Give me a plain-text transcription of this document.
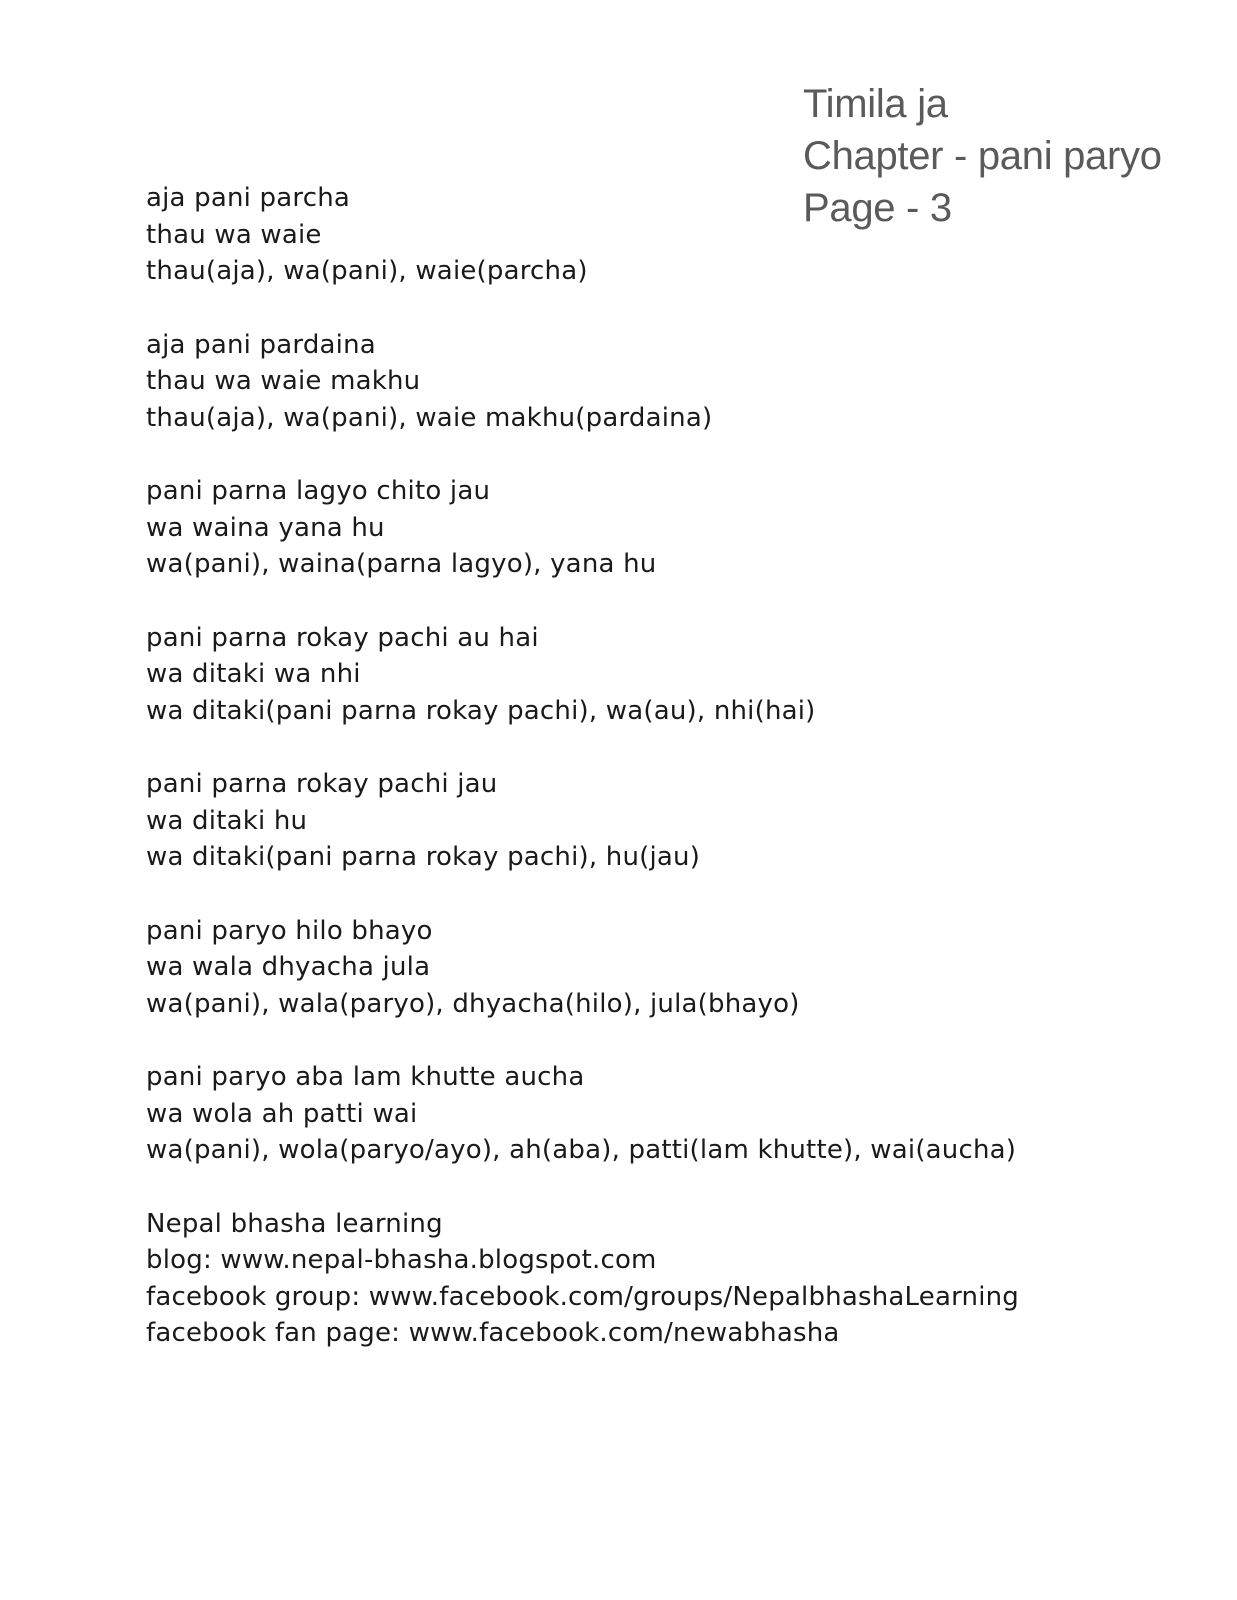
Timila ja
Chapter - pani paryo
Page - 3
aja pani parcha
thau wa waie
thau(aja), wa(pani), waie(parcha)
aja pani pardaina
thau wa waie makhu
thau(aja), wa(pani), waie makhu(pardaina)
pani parna lagyo chito jau
wa waina yana hu
wa(pani), waina(parna lagyo), yana hu
pani parna rokay pachi au hai
wa ditaki wa nhi
wa ditaki(pani parna rokay pachi), wa(au), nhi(hai)
pani parna rokay pachi jau
wa ditaki hu
wa ditaki(pani parna rokay pachi), hu(jau)
pani paryo hilo bhayo
wa wala dhyacha jula
wa(pani), wala(paryo), dhyacha(hilo), jula(bhayo)
pani paryo aba lam khutte aucha
wa wola ah patti wai
wa(pani), wola(paryo/ayo), ah(aba), patti(lam khutte), wai(aucha)
Nepal bhasha learning
blog: www.nepal-bhasha.blogspot.com
facebook group: www.facebook.com/groups/NepalbhashaLearning
facebook fan page: www.facebook.com/newabhasha
